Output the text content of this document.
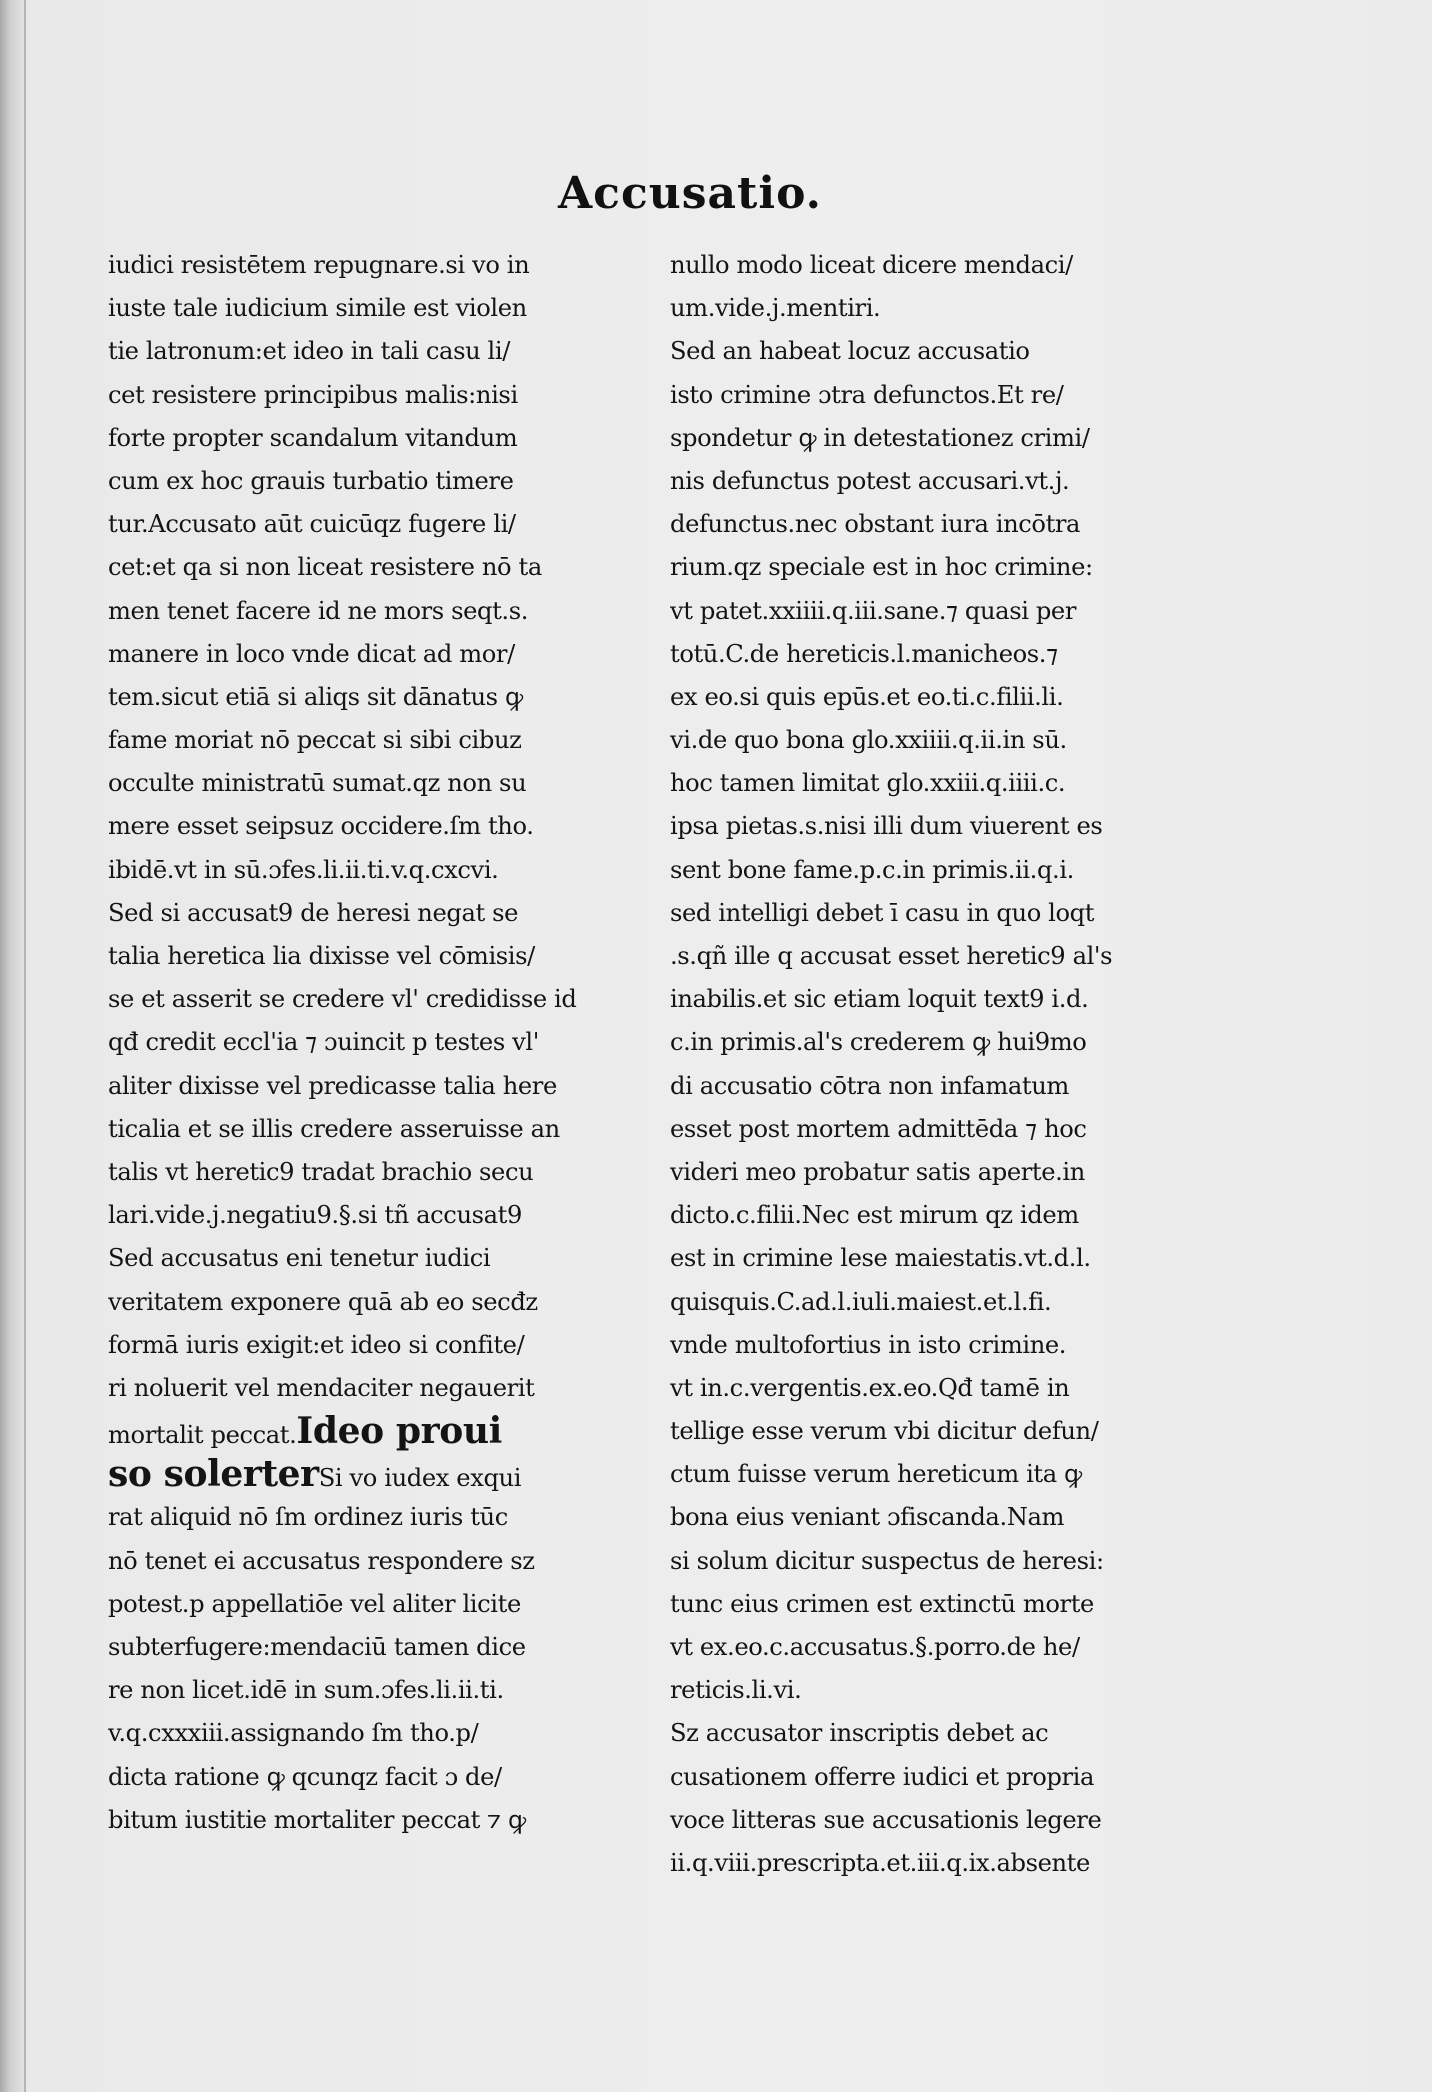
Accusatio.
iudici resistētem repugnare.si vo in
iuste tale iudicium simile est violen
tie latronum:et ideo in tali casu li/
cet resistere principibus malis:nisi
forte propter scandalum vitandum
cum ex hoc grauis turbatio timere
tur.Accusato aūt cuicūqz fugere li/
cet:et qa si non liceat resistere nō ta
men tenet facere id ne mors seqt.s.
manere in loco vnde dicat ad mor/
tem.sicut etiā si aliqs sit dānatus ꝙ
fame moriat nō peccat si sibi cibuz
occulte ministratū sumat.qz non su
mere esset seipsuz occidere.ſm tho.
ibidē.vt in sū.ɔfes.li.ii.ti.v.q.cxcvi.
Sed si accusat9 de heresi negat se
talia heretica lia dixisse vel cōmisis/
se et asserit se credere vl' credidisse id
qđ credit eccl'ia ⁊ ɔuincit p testes vl'
aliter dixisse vel predicasse talia here
ticalia et se illis credere asseruisse an
talis vt heretic9 tradat brachio secu
lari.vide.j.negatiu9.§.si tñ accusat9
Sed accusatus eni tenetur iudici
veritatem exponere quā ab eo secđz
formā iuris exigit:et ideo si confite/
ri noluerit vel mendaciter negauerit
mortalit peccat.Ideo proui
so solerterSi vo iudex exqui
rat aliquid nō ſm ordinez iuris tūc
nō tenet ei accusatus respondere sz
potest.p appellatiōe vel aliter licite
subterfugere:mendaciū tamen dice
re non licet.idē in sum.ɔfes.li.ii.ti.
v.q.cxxxiii.assignando ſm tho.p/
dicta ratione ꝙ qcunqz facit ɔ de/
bitum iustitie mortaliter peccat ⁊ ꝙ
nullo modo liceat dicere mendaci/
um.vide.j.mentiri.
Sed an habeat locuz accusatio
isto crimine ɔtra defunctos.Et re/
spondetur ꝙ in detestationez crimi/
nis defunctus potest accusari.vt.j.
defunctus.nec obstant iura incōtra
rium.qz speciale est in hoc crimine:
vt patet.xxiiii.q.iii.sane.⁊ quasi per
totū.C.de hereticis.l.manicheos.⁊
ex eo.si quis epūs.et eo.ti.c.filii.li.
vi.de quo bona glo.xxiiii.q.ii.in sū.
hoc tamen limitat glo.xxiii.q.iiii.c.
ipsa pietas.s.nisi illi dum viuerent es
sent bone fame.p.c.in primis.ii.q.i.
sed intelligi debet ī casu in quo loqt
.s.qñ ille q accusat esset heretic9 al's
inabilis.et sic etiam loquit text9 i.d.
c.in primis.al's crederem ꝙ hui9mo
di accusatio cōtra non infamatum
esset post mortem admittēda ⁊ hoc
videri meo probatur satis aperte.in
dicto.c.filii.Nec est mirum qz idem
est in crimine lese maiestatis.vt.d.l.
quisquis.C.ad.l.iuli.maiest.et.l.fi.
vnde multofortius in isto crimine.
vt in.c.vergentis.ex.eo.Qđ tamē in
tellige esse verum vbi dicitur defun/
ctum fuisse verum hereticum ita ꝙ
bona eius veniant ɔfiscanda.Nam
si solum dicitur suspectus de heresi:
tunc eius crimen est extinctū morte
vt ex.eo.c.accusatus.§.porro.de he/
reticis.li.vi.
Sz accusator inscriptis debet ac
cusationem offerre iudici et propria
voce litteras sue accusationis legere
ii.q.viii.prescripta.et.iii.q.ix.absente
